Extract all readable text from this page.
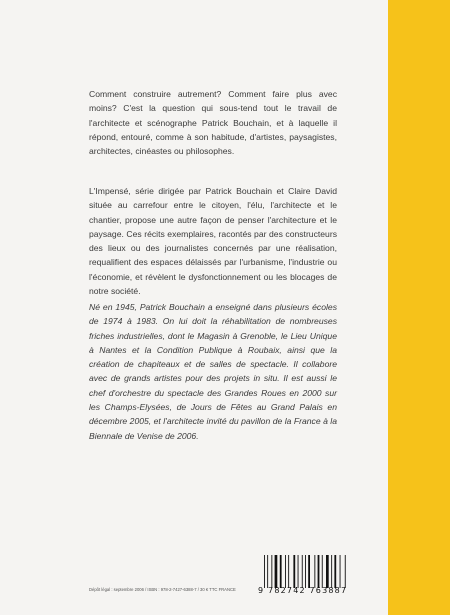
Comment construire autrement? Comment faire plus avec moins? C'est la question qui sous-tend tout le travail de l'architecte et scénographe Patrick Bouchain, et à laquelle il répond, entouré, comme à son habitude, d'artistes, paysagistes, architectes, cinéastes ou philosophes.

L'Impensé, série dirigée par Patrick Bouchain et Claire David située au carrefour entre le citoyen, l'élu, l'architecte et le chantier, propose une autre façon de penser l'architecture et le paysage. Ces récits exemplaires, racontés par des constructeurs des lieux ou des journalistes concernés par une réalisation, requalifient des espaces délaissés par l'urbanisme, l'industrie ou l'économie, et révèlent le dysfonctionnement ou les blocages de notre société.

Né en 1945, Patrick Bouchain a enseigné dans plusieurs écoles de 1974 à 1983. On lui doit la réhabilitation de nombreuses friches industrielles, dont le Magasin à Grenoble, le Lieu Unique à Nantes et la Condition Publique à Roubaix, ainsi que la création de chapiteaux et de salles de spectacle. Il collabore avec de grands artistes pour des projets in situ. Il est aussi le chef d'orchestre du spectacle des Grandes Roues en 2000 sur les Champs-Elysées, de Jours de Fêtes au Grand Palais en décembre 2005, et l'architecte invité du pavillon de la France à la Biennale de Venise de 2006.

9 782742 763887
Dépôt légal : septembre 2006 / ISBN : 978-2-7427-6388-7 / 30 € TTC FRANCE
